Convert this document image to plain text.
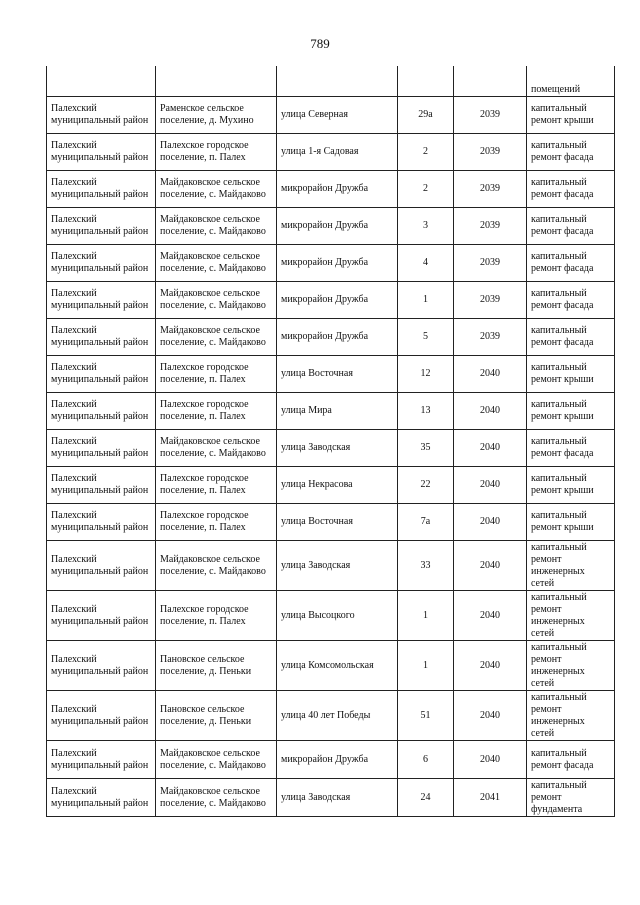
789
					помещений
Палехский муниципальный район	Раменское сельское поселение, д. Мухино	улица Северная	29а	2039	капитальный ремонт крыши
Палехский муниципальный район	Палехское городское поселение, п. Палех	улица 1-я Садовая	2	2039	капитальный ремонт фасада
Палехский муниципальный район	Майдаковское сельское поселение, с. Майдаково	микрорайон Дружба	2	2039	капитальный ремонт фасада
Палехский муниципальный район	Майдаковское сельское поселение, с. Майдаково	микрорайон Дружба	3	2039	капитальный ремонт фасада
Палехский муниципальный район	Майдаковское сельское поселение, с. Майдаково	микрорайон Дружба	4	2039	капитальный ремонт фасада
Палехский муниципальный район	Майдаковское сельское поселение, с. Майдаково	микрорайон Дружба	1	2039	капитальный ремонт фасада
Палехский муниципальный район	Майдаковское сельское поселение, с. Майдаково	микрорайон Дружба	5	2039	капитальный ремонт фасада
Палехский муниципальный район	Палехское городское поселение, п. Палех	улица Восточная	12	2040	капитальный ремонт крыши
Палехский муниципальный район	Палехское городское поселение, п. Палех	улица Мира	13	2040	капитальный ремонт крыши
Палехский муниципальный район	Майдаковское сельское поселение, с. Майдаково	улица Заводская	35	2040	капитальный ремонт фасада
Палехский муниципальный район	Палехское городское поселение, п. Палех	улица Некрасова	22	2040	капитальный ремонт крыши
Палехский муниципальный район	Палехское городское поселение, п. Палех	улица Восточная	7а	2040	капитальный ремонт крыши
Палехский муниципальный район	Майдаковское сельское поселение, с. Майдаково	улица Заводская	33	2040	капитальный ремонт инженерных сетей
Палехский муниципальный район	Палехское городское поселение, п. Палех	улица Высоцкого	1	2040	капитальный ремонт инженерных сетей
Палехский муниципальный район	Пановское сельское поселение, д. Пеньки	улица Комсомольская	1	2040	капитальный ремонт инженерных сетей
Палехский муниципальный район	Пановское сельское поселение, д. Пеньки	улица 40 лет Победы	51	2040	капитальный ремонт инженерных сетей
Палехский муниципальный район	Майдаковское сельское поселение, с. Майдаково	микрорайон Дружба	6	2040	капитальный ремонт фасада
Палехский муниципальный район	Майдаковское сельское поселение, с. Майдаково	улица Заводская	24	2041	капитальный ремонт фундамента
